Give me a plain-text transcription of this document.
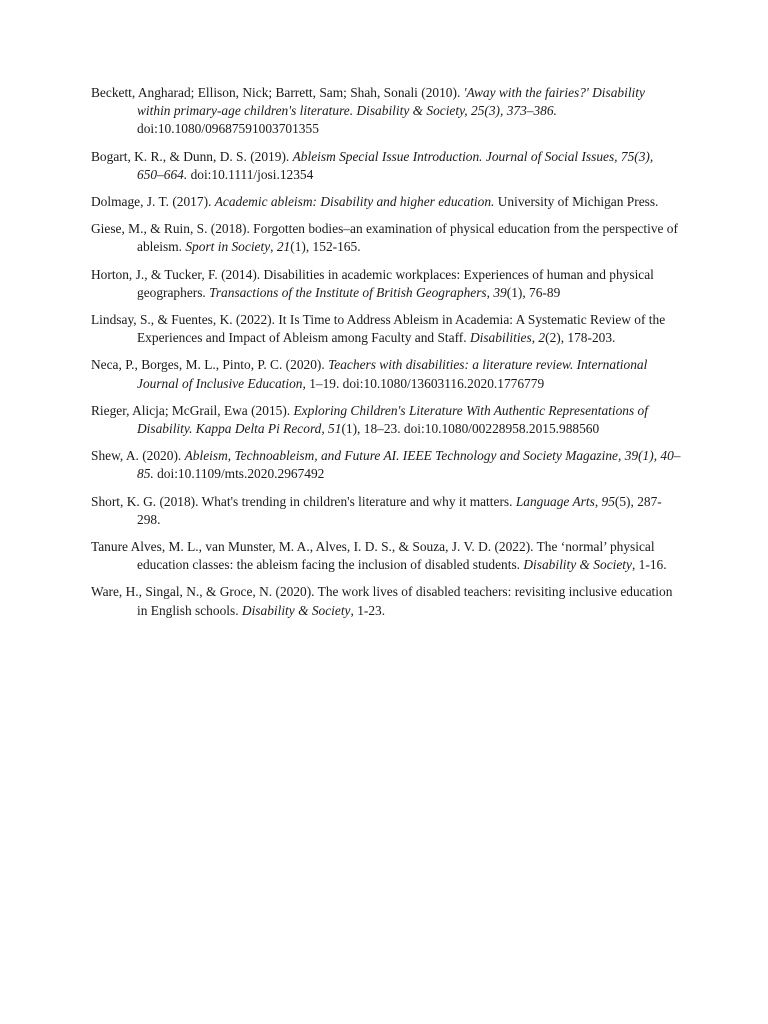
Beckett, Angharad; Ellison, Nick; Barrett, Sam; Shah, Sonali (2010). 'Away with the fairies?' Disability within primary-age children's literature. Disability & Society, 25(3), 373–386. doi:10.1080/09687591003701355

Bogart, K. R., & Dunn, D. S. (2019). Ableism Special Issue Introduction. Journal of Social Issues, 75(3), 650–664. doi:10.1111/josi.12354

Dolmage, J. T. (2017). Academic ableism: Disability and higher education. University of Michigan Press.

Giese, M., & Ruin, S. (2018). Forgotten bodies–an examination of physical education from the perspective of ableism. Sport in Society, 21(1), 152-165.

Horton, J., & Tucker, F. (2014). Disabilities in academic workplaces: Experiences of human and physical geographers. Transactions of the Institute of British Geographers, 39(1), 76-89

Lindsay, S., & Fuentes, K. (2022). It Is Time to Address Ableism in Academia: A Systematic Review of the Experiences and Impact of Ableism among Faculty and Staff. Disabilities, 2(2), 178-203.

Neca, P., Borges, M. L., Pinto, P. C. (2020). Teachers with disabilities: a literature review. International Journal of Inclusive Education, 1–19. doi:10.1080/13603116.2020.1776779

Rieger, Alicja; McGrail, Ewa (2015). Exploring Children's Literature With Authentic Representations of Disability. Kappa Delta Pi Record, 51(1), 18–23. doi:10.1080/00228958.2015.988560

Shew, A. (2020). Ableism, Technoableism, and Future AI. IEEE Technology and Society Magazine, 39(1), 40–85. doi:10.1109/mts.2020.2967492

Short, K. G. (2018). What's trending in children's literature and why it matters. Language Arts, 95(5), 287-298.

Tanure Alves, M. L., van Munster, M. A., Alves, I. D. S., & Souza, J. V. D. (2022). The ‘normal’ physical education classes: the ableism facing the inclusion of disabled students. Disability & Society, 1-16.

Ware, H., Singal, N., & Groce, N. (2020). The work lives of disabled teachers: revisiting inclusive education in English schools. Disability & Society, 1-23.
